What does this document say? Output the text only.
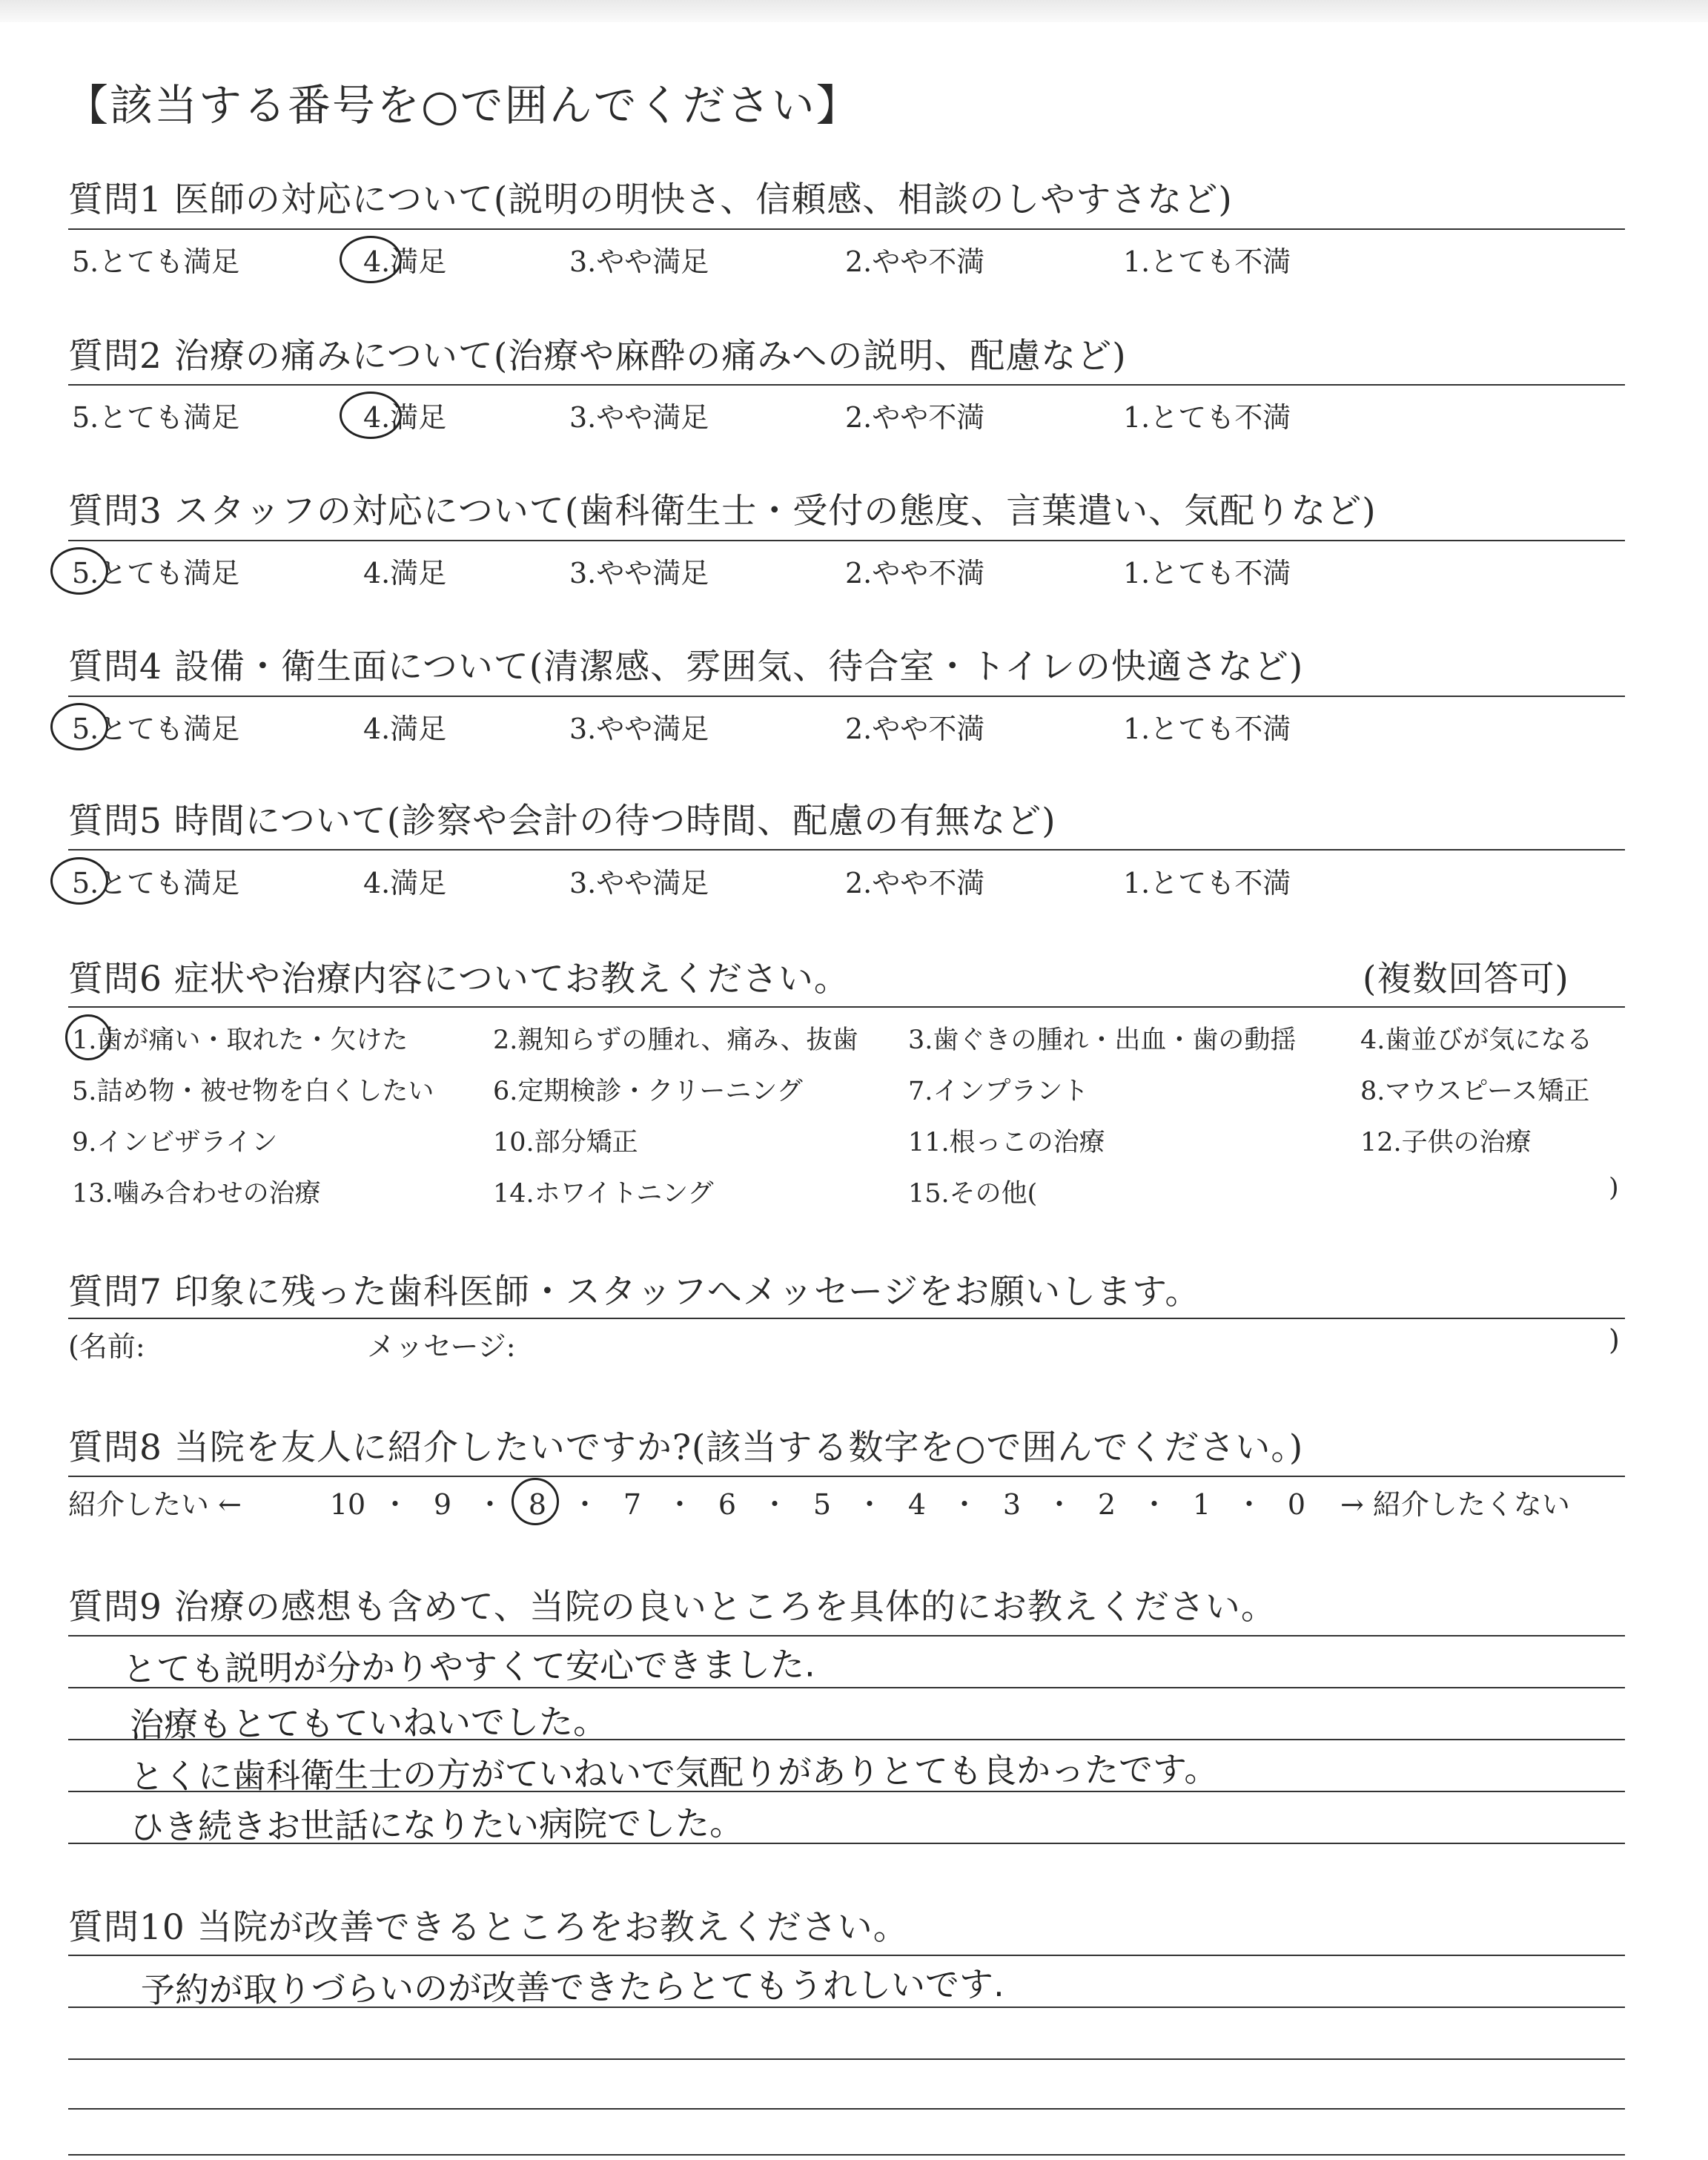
【該当する番号を○で囲んでください】
質問1 医師の対応について(説明の明快さ、信頼感、相談のしやすさなど)
5.とても満足	4.満足	3.やや満足	2.やや不満	1.とても不満
質問2 治療の痛みについて(治療や麻酔の痛みへの説明、配慮など)
5.とても満足	4.満足	3.やや満足	2.やや不満	1.とても不満
質問3 スタッフの対応について(歯科衛生士・受付の態度、言葉遣い、気配りなど)
5.とても満足	4.満足	3.やや満足	2.やや不満	1.とても不満
質問4 設備・衛生面について(清潔感、雰囲気、待合室・トイレの快適さなど)
5.とても満足	4.満足	3.やや満足	2.やや不満	1.とても不満
質問5 時間について(診察や会計の待つ時間、配慮の有無など)
5.とても満足	4.満足	3.やや満足	2.やや不満	1.とても不満
質問6 症状や治療内容についてお教えください。	(複数回答可)
1.歯が痛い・取れた・欠けた	2.親知らずの腫れ、痛み、抜歯 3.歯ぐきの腫れ・出血・歯の動揺 4.歯並びが気になる
5.詰め物・被せ物を白くしたい 6.定期検診・クリーニング	7.インプラント	8.マウスピース矯正
9.インビザライン	10.部分矯正	11.根っこの治療	12.子供の治療
13.噛み合わせの治療	14.ホワイトニング	15.その他(	)
質問7 印象に残った歯科医師・スタッフへメッセージをお願いします。
(名前:	メッセージ:	)
質問8 当院を友人に紹介したいですか?(該当する数字を○で囲んでください。)
紹介したい ←	10 ・ 9 ・ 8 ・ 7 ・ 6 ・ 5 ・ 4 ・ 3 ・ 2 ・ 1 ・ 0	→ 紹介したくない
質問9 治療の感想も含めて、当院の良いところを具体的にお教えください。
とても説明が分かりやすくて安心できました.
治療もとてもていねいでした。
とくに歯科衛生士の方がていねいで気配りがありとても良かったです。
ひき続きお世話になりたい病院でした。
質問10 当院が改善できるところをお教えください。
予約が取りづらいのが改善できたらとてもうれしいです.
